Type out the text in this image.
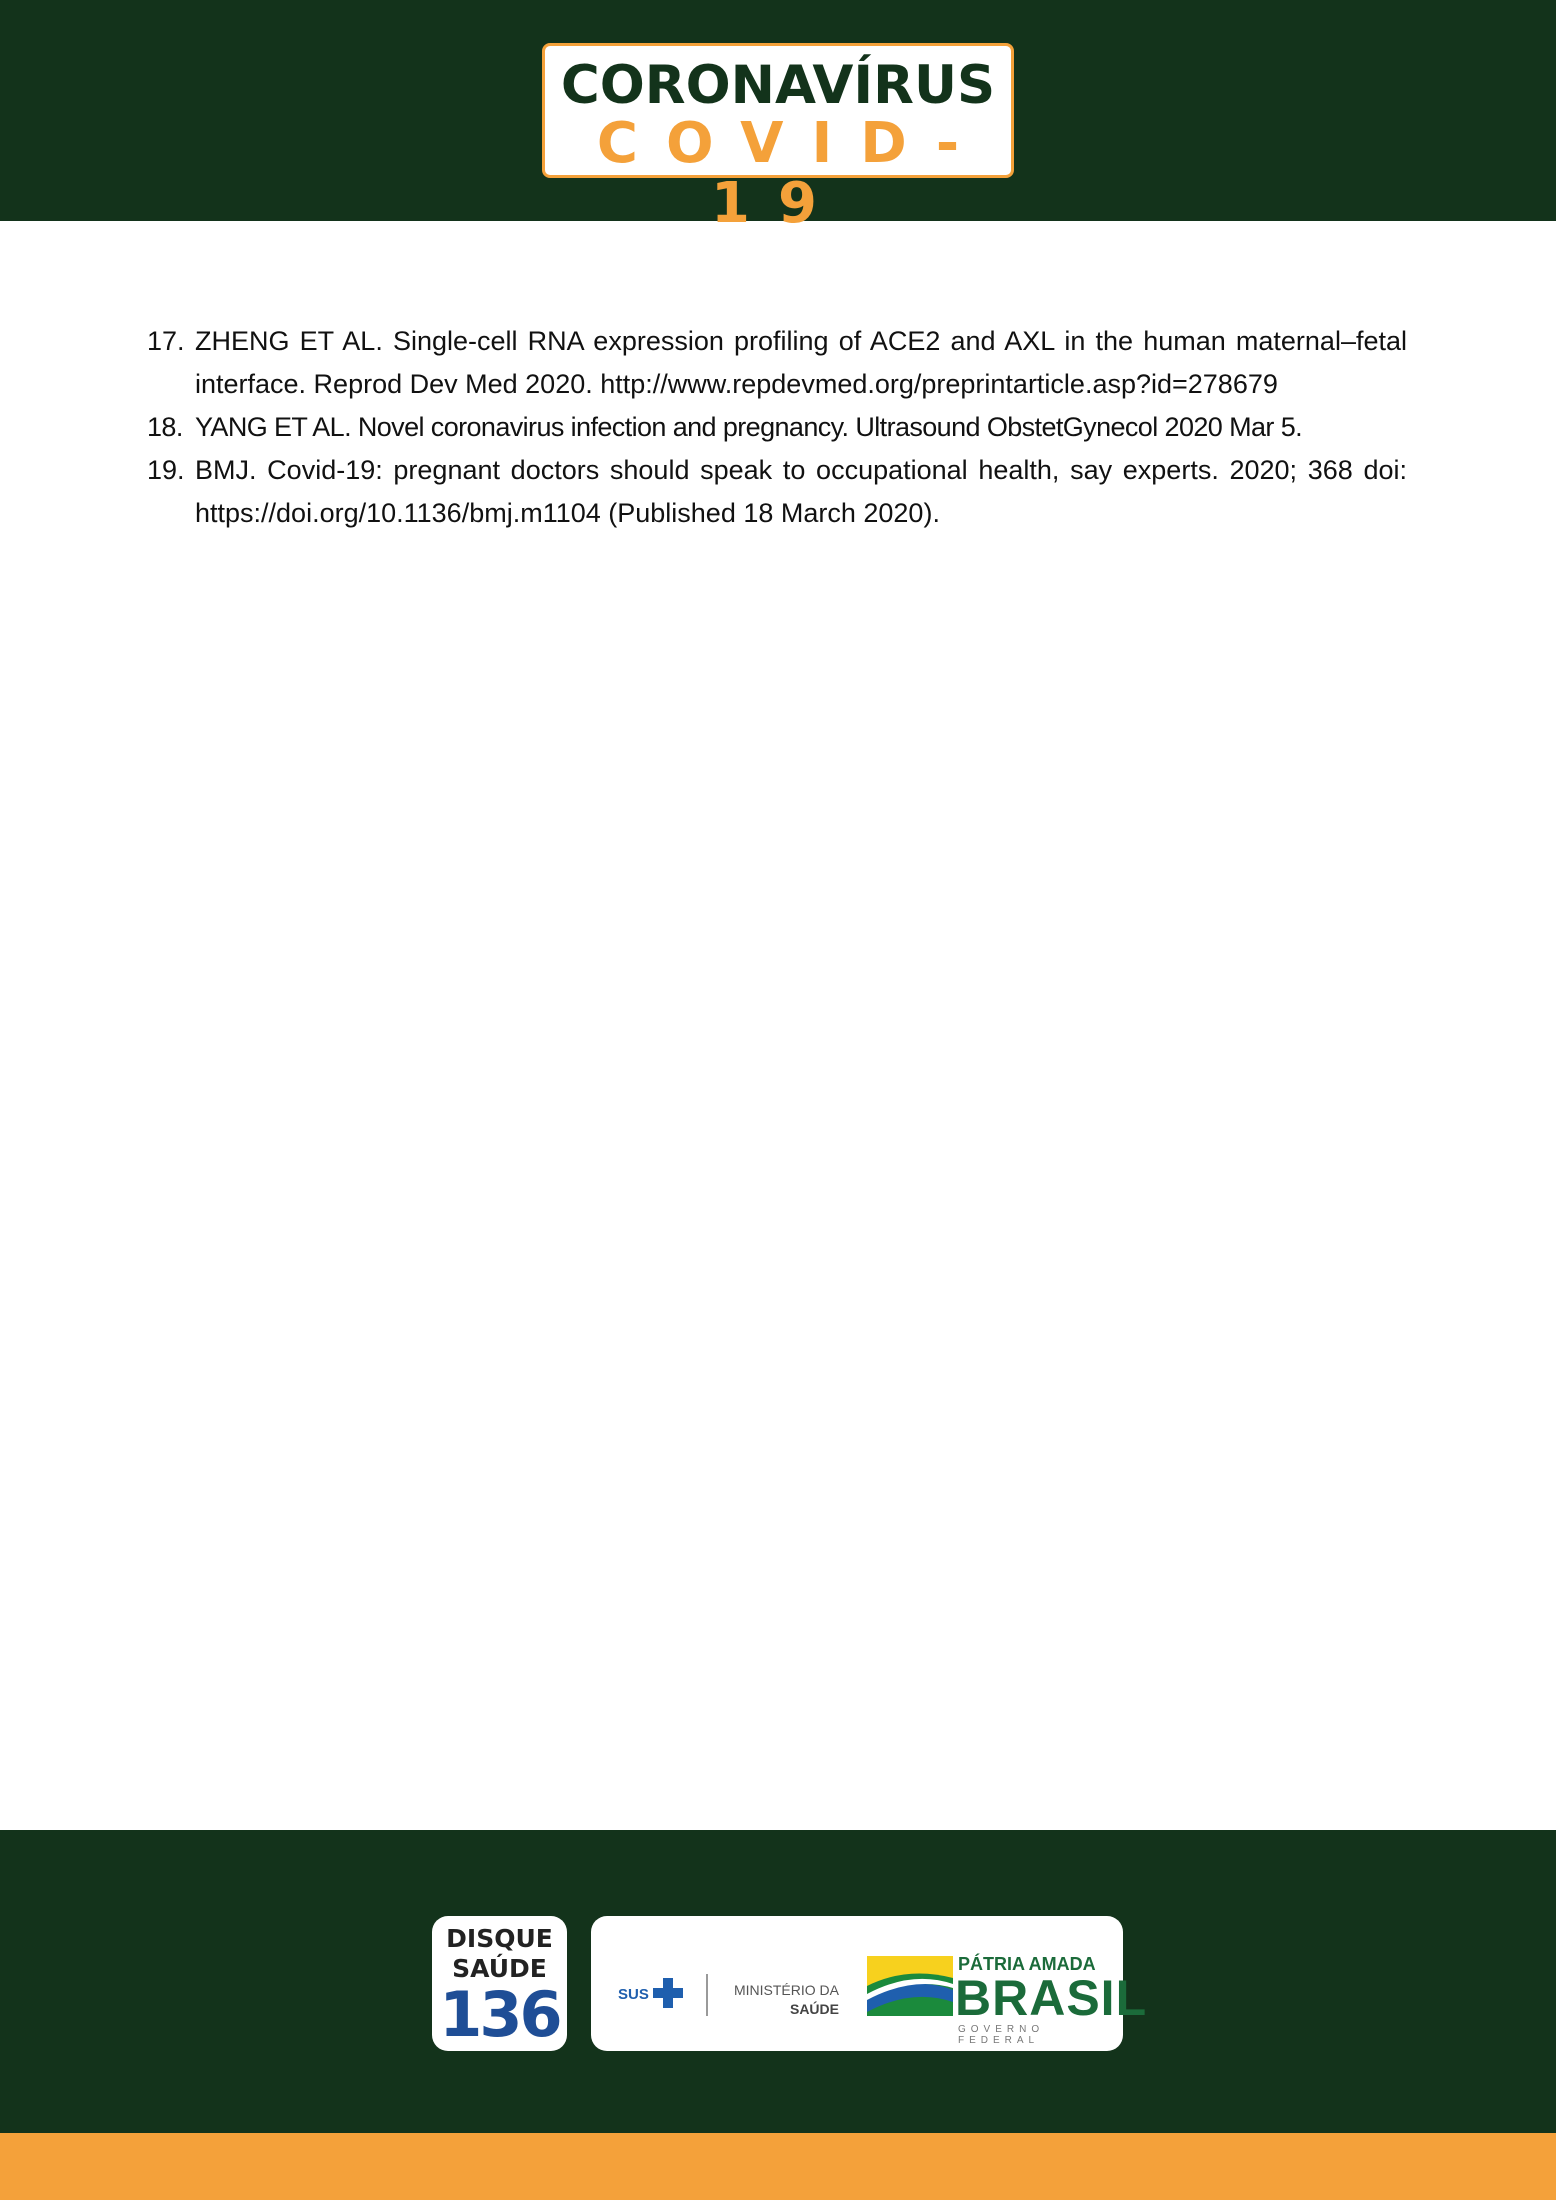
CORONAVÍRUS
COVID-19

17. ZHENG ET AL. Single-cell RNA expression profiling of ACE2 and AXL in the human maternal–fetal interface. Reprod Dev Med 2020. http://www.repdevmed.org/preprintarticle.asp?id=278679

18. YANG ET AL. Novel coronavirus infection and pregnancy. Ultrasound ObstetGynecol 2020 Mar 5.

19. BMJ. Covid-19: pregnant doctors should speak to occupational health, say experts. 2020; 368 doi: https://doi.org/10.1136/bmj.m1104 (Published 18 March 2020).

DISQUE
SAÚDE
136	SUS	MINISTÉRIO DA
SAÚDE
PÁTRIA AMADA
BRASIL
GOVERNO FEDERAL
